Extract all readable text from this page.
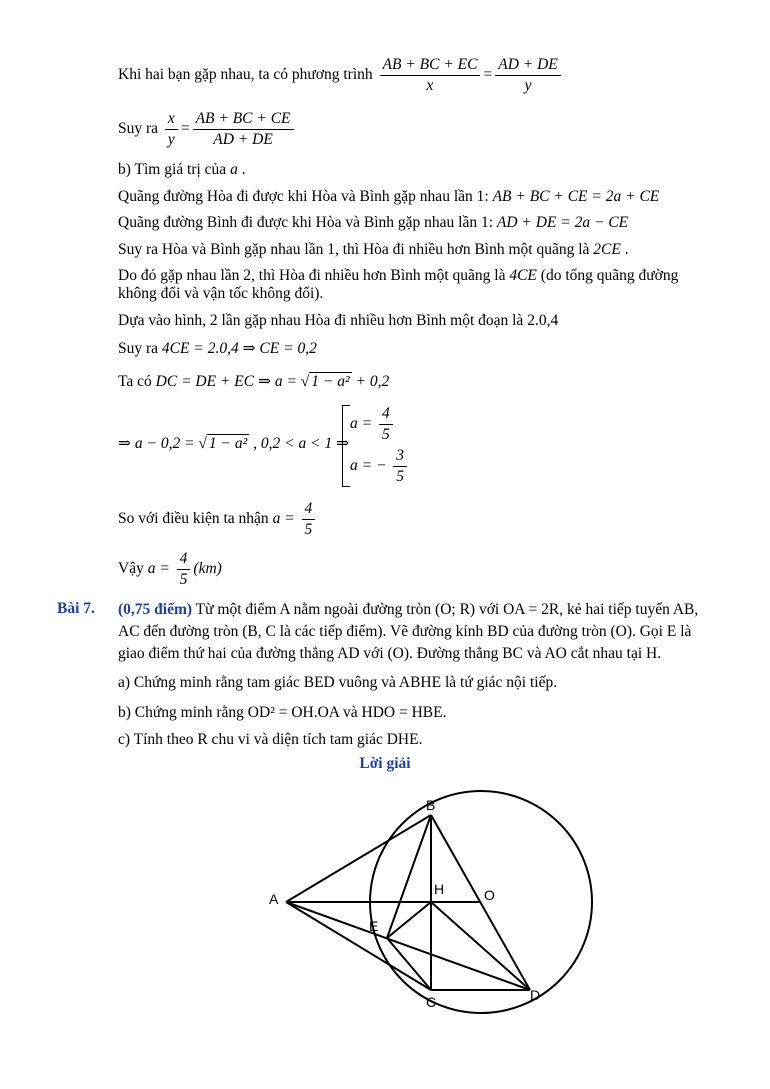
Khi hai bạn gặp nhau, ta có phương trình $\frac{AB + BC + EC}{x} = \frac{AD + DE}{y}$
Suy ra $\frac{x}{y} = \frac{AB + BC + CE}{AD + DE}$
b) Tìm giá trị của a .
Quãng đường Hòa đi được khi Hòa và Bình gặp nhau lần 1: AB + BC + CE = 2a + CE
Quãng đường Bình đi được khi Hòa và Bình gặp nhau lần 1: AD + DE = 2a − CE
Suy ra Hòa và Bình gặp nhau lần 1, thì Hòa đi nhiều hơn Bình một quãng là 2CE .
Do đó gặp nhau lần 2, thì Hòa đi nhiều hơn Bình một quãng là 4CE (do tổng quãng đường
không đổi và vận tốc không đổi).
Dựa vào hình, 2 lần gặp nhau Hòa đi nhiều hơn Bình một đoạn là 2.0,4
Suy ra 4CE = 2.0,4 ⇒ CE = 0,2
Ta có DC = DE + EC ⇒ a = √ 1 − a² + 0,2
⇒ a − 0,2 = √ 1 − a² , 0,2 < a < 1 ⇒
$a = \frac{4}{5}$
a = − $\frac{3}{5}$
So với điều kiện ta nhận $a = \frac{4}{5}$
Vậy $a = \frac{4}{5} (km)$
Bài 7. (0,75 điểm) Từ một điểm A nằm ngoài đường tròn (O; R) với OA = 2R, kẻ hai tiếp tuyến AB,
AC đến đường tròn (B, C là các tiếp điểm). Vẽ đường kính BD của đường tròn (O). Gọi E là
giao điểm thứ hai của đường thẳng AD với (O). Đường thẳng BC và AO cắt nhau tại H.
a) Chứng minh rằng tam giác BED vuông và ABHE là tứ giác nội tiếp.
b) Chứng minh rằng OD² = OH.OA và HDO = HBE.
c) Tính theo R chu vi và diện tích tam giác DHE.
Lời giải
B
A
H	O
E
C	D
